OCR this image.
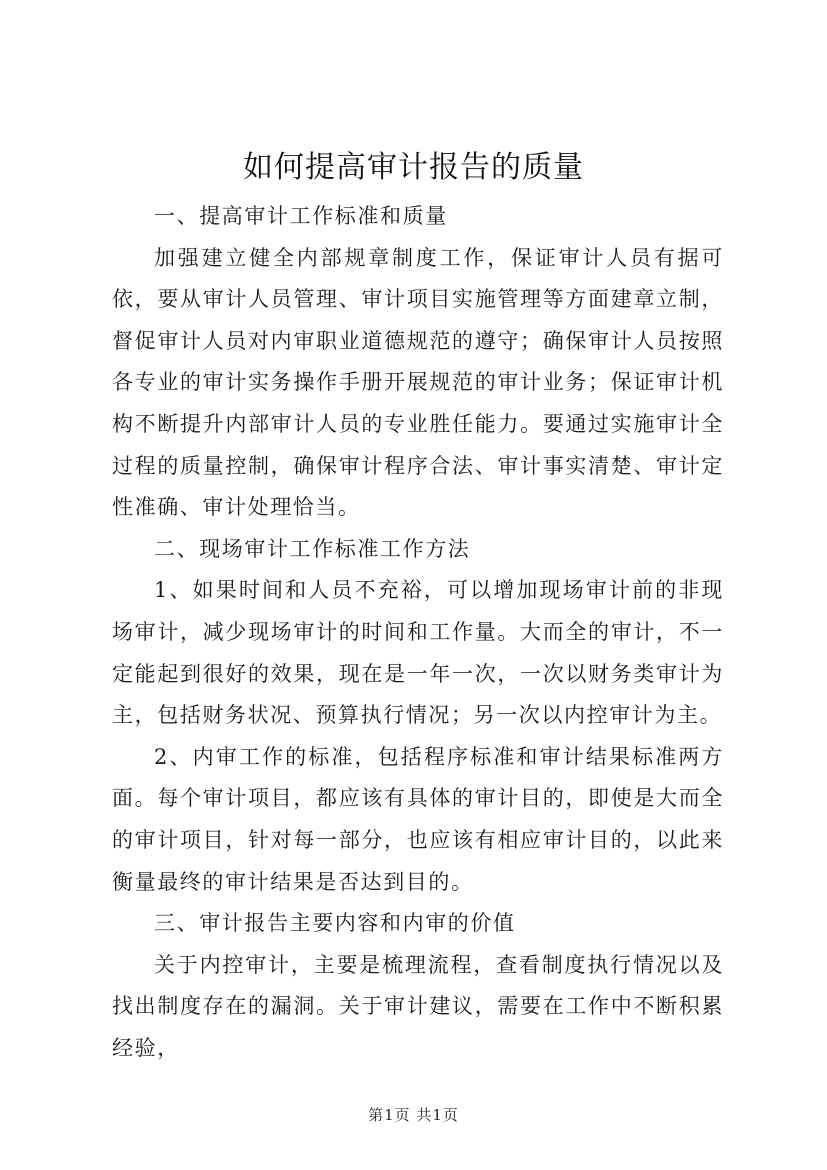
如何提高审计报告的质量

一、提高审计工作标准和质量

加强建立健全内部规章制度工作，保证审计人员有据可依，要从审计人员管理、审计项目实施管理等方面建章立制，督促审计人员对内审职业道德规范的遵守；确保审计人员按照各专业的审计实务操作手册开展规范的审计业务；保证审计机构不断提升内部审计人员的专业胜任能力。要通过实施审计全过程的质量控制，确保审计程序合法、审计事实清楚、审计定性准确、审计处理恰当。

二、现场审计工作标准工作方法

1、如果时间和人员不充裕，可以增加现场审计前的非现场审计，减少现场审计的时间和工作量。大而全的审计，不一定能起到很好的效果，现在是一年一次，一次以财务类审计为主，包括财务状况、预算执行情况；另一次以内控审计为主。

2、内审工作的标准，包括程序标准和审计结果标准两方面。每个审计项目，都应该有具体的审计目的，即使是大而全的审计项目，针对每一部分，也应该有相应审计目的，以此来衡量最终的审计结果是否达到目的。

三、审计报告主要内容和内审的价值

关于内控审计，主要是梳理流程，查看制度执行情况以及找出制度存在的漏洞。关于审计建议，需要在工作中不断积累经验，

第1页 共1页
